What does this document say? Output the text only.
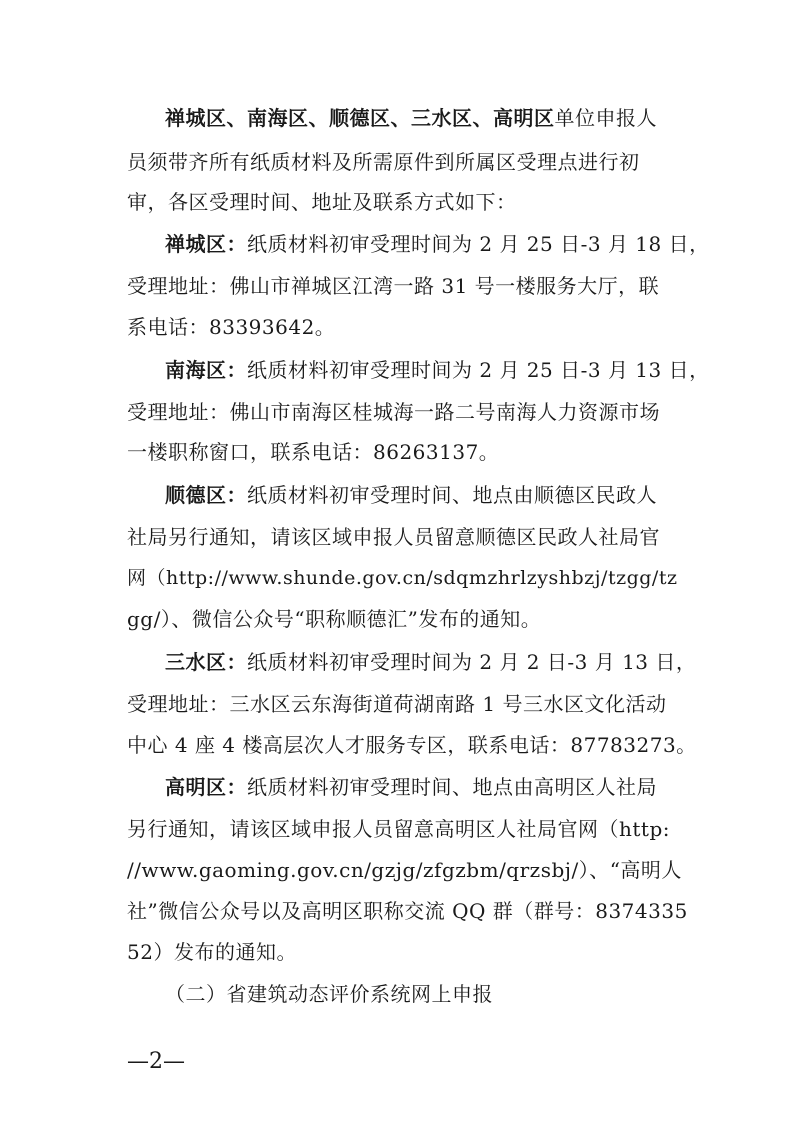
禅城区、南海区、顺德区、三水区、高明区单位申报人
员须带齐所有纸质材料及所需原件到所属区受理点进行初
审，各区受理时间、地址及联系方式如下：
禅城区：纸质材料初审受理时间为 2 月 25 日-3 月 18 日，
受理地址：佛山市禅城区江湾一路 31 号一楼服务大厅，联
系电话：83393642。
南海区：纸质材料初审受理时间为 2 月 25 日-3 月 13 日，
受理地址：佛山市南海区桂城海一路二号南海人力资源市场
一楼职称窗口，联系电话：86263137。
顺德区：纸质材料初审受理时间、地点由顺德区民政人
社局另行通知，请该区域申报人员留意顺德区民政人社局官
网（http://www.shunde.gov.cn/sdqmzhrlzyshbzj/tzgg/tz
gg/）、微信公众号“职称顺德汇”发布的通知。
三水区：纸质材料初审受理时间为 2 月 2 日-3 月 13 日，
受理地址：三水区云东海街道荷湖南路 1 号三水区文化活动
中心 4 座 4 楼高层次人才服务专区，联系电话：87783273。
高明区：纸质材料初审受理时间、地点由高明区人社局
另行通知，请该区域申报人员留意高明区人社局官网（http:
//www.gaoming.gov.cn/gzjg/zfgzbm/qrzsbj/）、“高明人
社”微信公众号以及高明区职称交流 QQ 群（群号：8374335
52）发布的通知。
（二）省建筑动态评价系统网上申报
—2—
